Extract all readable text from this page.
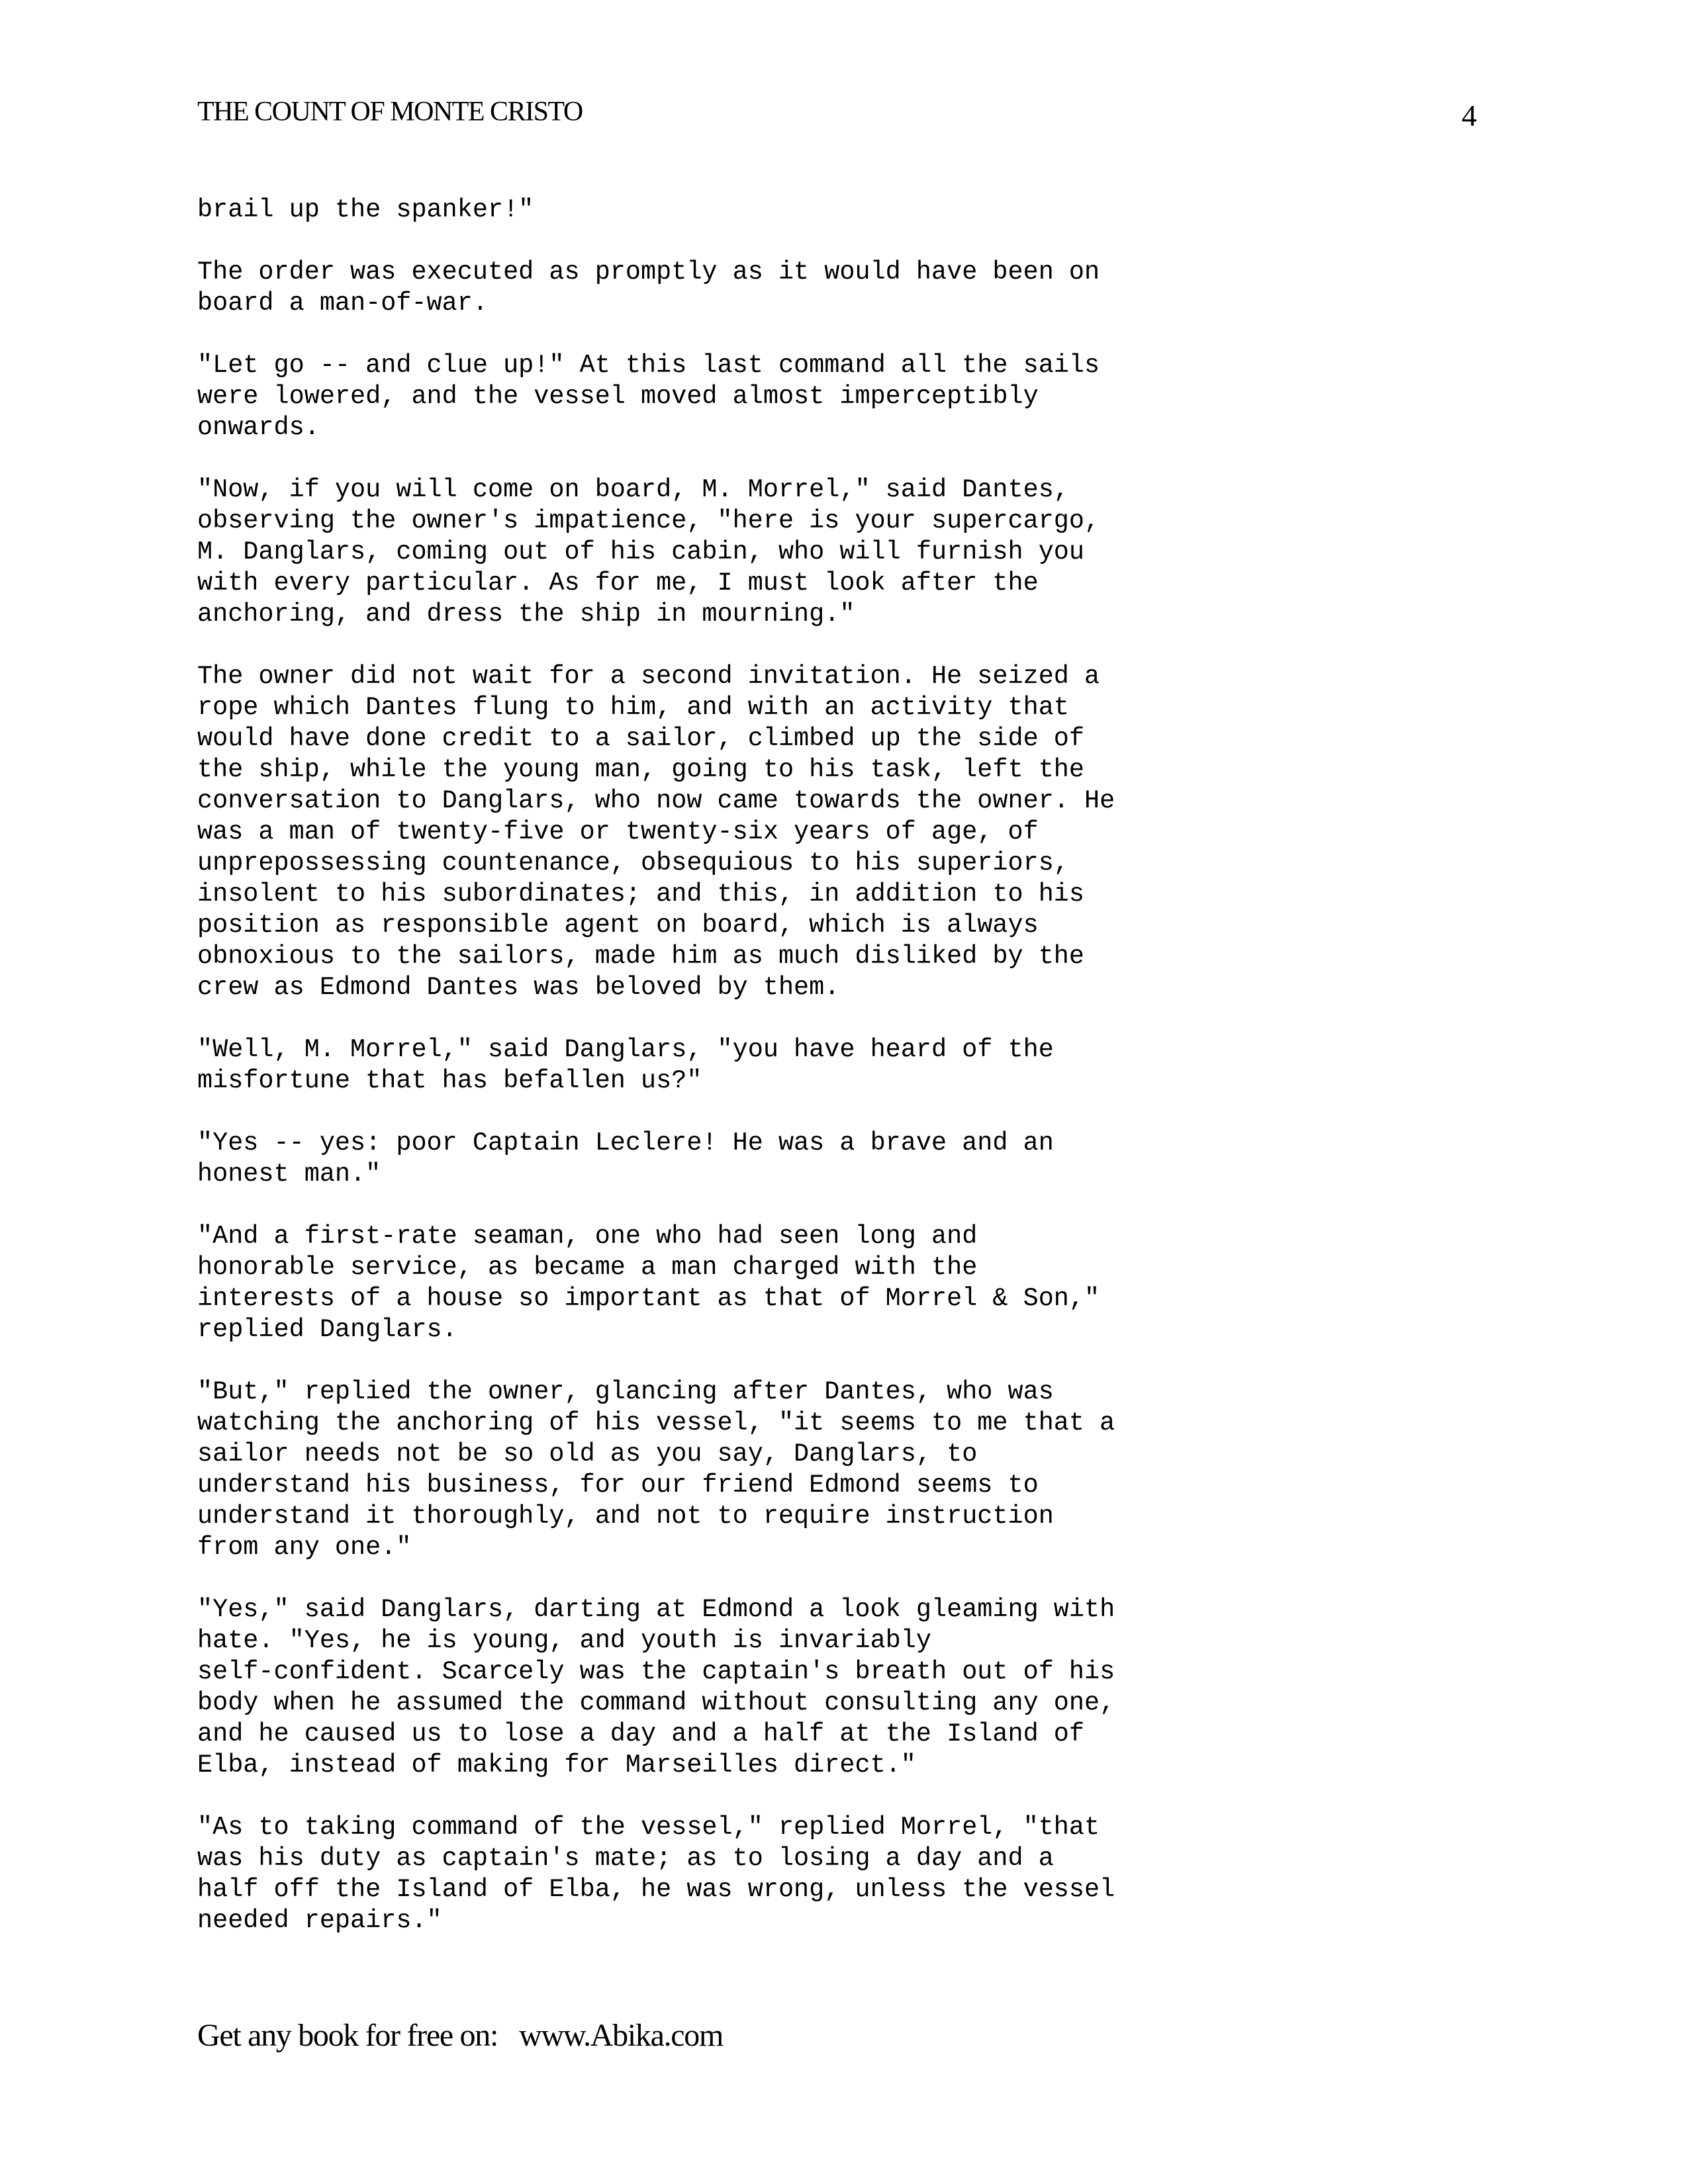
THE COUNT OF MONTE CRISTO	4

brail up the spanker!"

The order was executed as promptly as it would have been on
board a man-of-war.

"Let go -- and clue up!" At this last command all the sails
were lowered, and the vessel moved almost imperceptibly
onwards.

"Now, if you will come on board, M. Morrel," said Dantes,
observing the owner's impatience, "here is your supercargo,
M. Danglars, coming out of his cabin, who will furnish you
with every particular. As for me, I must look after the
anchoring, and dress the ship in mourning."

The owner did not wait for a second invitation. He seized a
rope which Dantes flung to him, and with an activity that
would have done credit to a sailor, climbed up the side of
the ship, while the young man, going to his task, left the
conversation to Danglars, who now came towards the owner. He
was a man of twenty-five or twenty-six years of age, of
unprepossessing countenance, obsequious to his superiors,
insolent to his subordinates; and this, in addition to his
position as responsible agent on board, which is always
obnoxious to the sailors, made him as much disliked by the
crew as Edmond Dantes was beloved by them.

"Well, M. Morrel," said Danglars, "you have heard of the
misfortune that has befallen us?"

"Yes -- yes: poor Captain Leclere! He was a brave and an
honest man."

"And a first-rate seaman, one who had seen long and
honorable service, as became a man charged with the
interests of a house so important as that of Morrel & Son,"
replied Danglars.

"But," replied the owner, glancing after Dantes, who was
watching the anchoring of his vessel, "it seems to me that a
sailor needs not be so old as you say, Danglars, to
understand his business, for our friend Edmond seems to
understand it thoroughly, and not to require instruction
from any one."

"Yes," said Danglars, darting at Edmond a look gleaming with
hate. "Yes, he is young, and youth is invariably
self-confident. Scarcely was the captain's breath out of his
body when he assumed the command without consulting any one,
and he caused us to lose a day and a half at the Island of
Elba, instead of making for Marseilles direct."

"As to taking command of the vessel," replied Morrel, "that
was his duty as captain's mate; as to losing a day and a
half off the Island of Elba, he was wrong, unless the vessel
needed repairs."

Get any book for free on:   www.Abika.com
